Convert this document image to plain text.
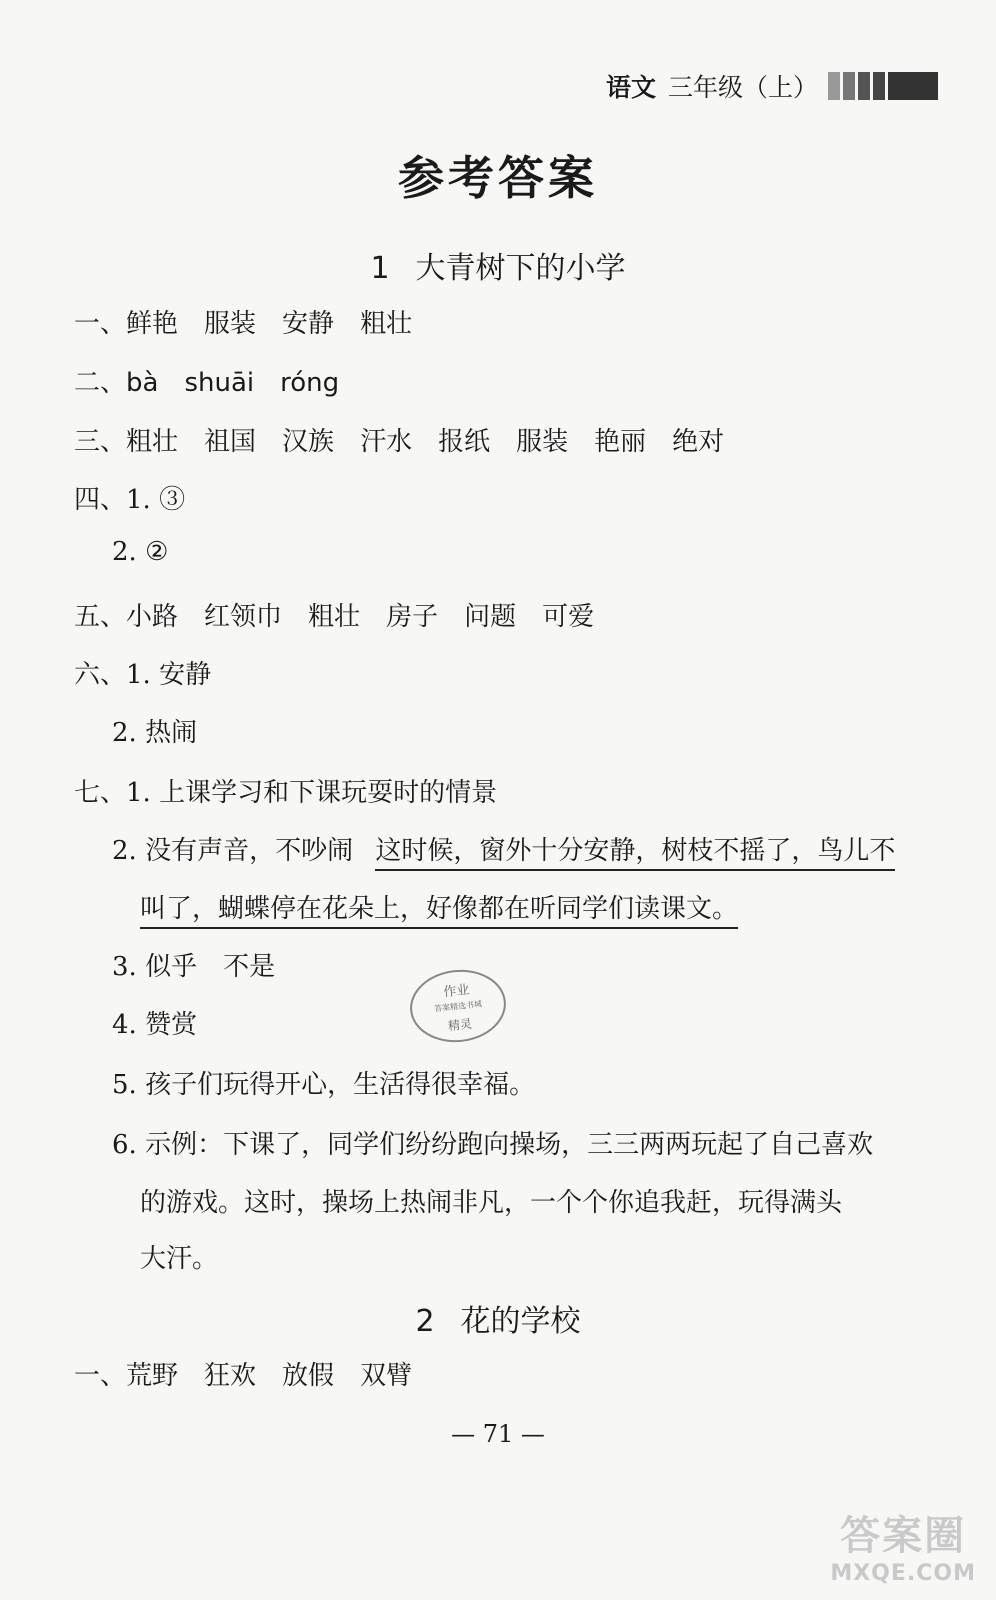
语文 三年级（上）
参考答案
1 大青树下的小学
一、鲜艳 服装 安静 粗壮
二、bà shuāi róng
三、粗壮 祖国 汉族 汗水 报纸 服装 艳丽 绝对
四、1. ③
2. ②
五、小路 红领巾 粗壮 房子 问题 可爱
六、1. 安静
2. 热闹
七、1. 上课学习和下课玩耍时的情景
2. 没有声音，不吵闹 这时候，窗外十分安静，树枝不摇了，鸟儿不
叫了，蝴蝶停在花朵上，好像都在听同学们读课文。
3. 似乎　不是
4. 赞赏
5. 孩子们玩得开心，生活得很幸福。
6. 示例：下课了，同学们纷纷跑向操场，三三两两玩起了自己喜欢
的游戏。这时，操场上热闹非凡，一个个你追我赶，玩得满头
大汗。
作业
答案精选书城
精灵
2 花的学校
一、荒野 狂欢 放假 双臂
— 71 —
答案圈
MXQE.COM
